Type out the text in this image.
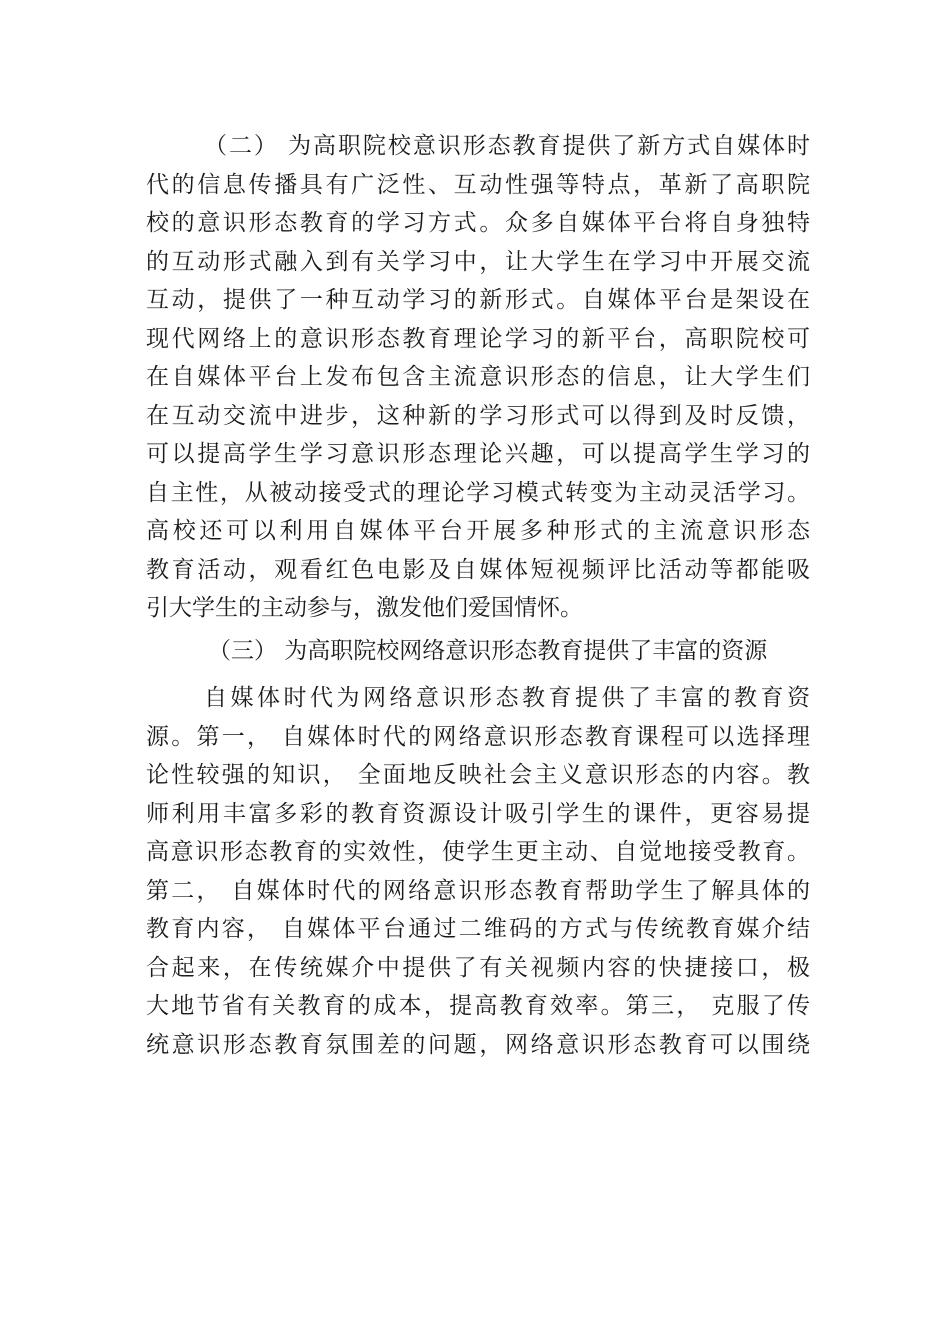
（二） 为高职院校意识形态教育提供了新方式自媒体时
代的信息传播具有广泛性、互动性强等特点，革新了高职院
校的意识形态教育的学习方式。众多自媒体平台将自身独特
的互动形式融入到有关学习中，让大学生在学习中开展交流
互动，提供了一种互动学习的新形式。自媒体平台是架设在
现代网络上的意识形态教育理论学习的新平台，高职院校可
在自媒体平台上发布包含主流意识形态的信息，让大学生们
在互动交流中进步，这种新的学习形式可以得到及时反馈，
可以提高学生学习意识形态理论兴趣，可以提高学生学习的
自主性，从被动接受式的理论学习模式转变为主动灵活学习。
高校还可以利用自媒体平台开展多种形式的主流意识形态
教育活动，观看红色电影及自媒体短视频评比活动等都能吸
引大学生的主动参与，激发他们爱国情怀。
（三） 为高职院校网络意识形态教育提供了丰富的资源
自媒体时代为网络意识形态教育提供了丰富的教育资
源。第一， 自媒体时代的网络意识形态教育课程可以选择理
论性较强的知识， 全面地反映社会主义意识形态的内容。教
师利用丰富多彩的教育资源设计吸引学生的课件，更容易提
高意识形态教育的实效性，使学生更主动、自觉地接受教育。
第二， 自媒体时代的网络意识形态教育帮助学生了解具体的
教育内容， 自媒体平台通过二维码的方式与传统教育媒介结
合起来，在传统媒介中提供了有关视频内容的快捷接口，极
大地节省有关教育的成本，提高教育效率。第三， 克服了传
统意识形态教育氛围差的问题，网络意识形态教育可以围绕
